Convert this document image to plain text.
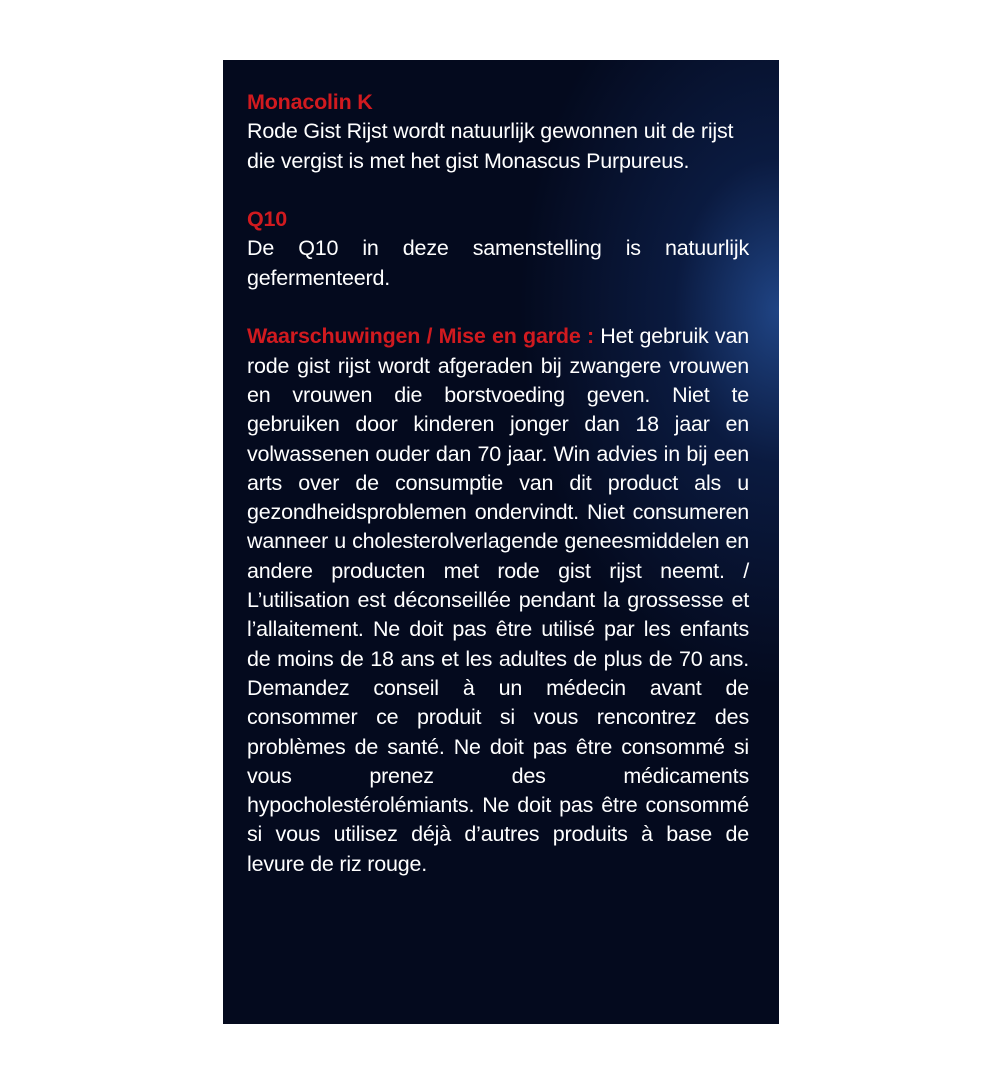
Monacolin K
Rode Gist Rijst wordt natuurlijk gewonnen uit de rijst die vergist is met het gist Monascus Purpureus.
Q10
De Q10 in deze samenstelling is natuurlijk gefermenteerd.
Waarschuwingen / Mise en garde : Het gebruik van rode gist rijst wordt afgeraden bij zwangere vrouwen en vrouwen die borstvoeding geven. Niet te gebruiken door kinderen jonger dan 18 jaar en volwassenen ouder dan 70 jaar. Win advies in bij een arts over de consumptie van dit product als u gezondheidsproblemen ondervindt. Niet consumeren wanneer u cholesterolverlagende geneesmiddelen en andere producten met rode gist rijst neemt. / L’utilisation est déconseillée pendant la grossesse et l’allaitement. Ne doit pas être utilisé par les enfants de moins de 18 ans et les adultes de plus de 70 ans. Demandez conseil à un médecin avant de consommer ce produit si vous rencontrez des problèmes de santé. Ne doit pas être consommé si vous prenez des médicaments hypocholestérolémiants. Ne doit pas être consommé si vous utilisez déjà d’autres produits à base de levure de riz rouge.
